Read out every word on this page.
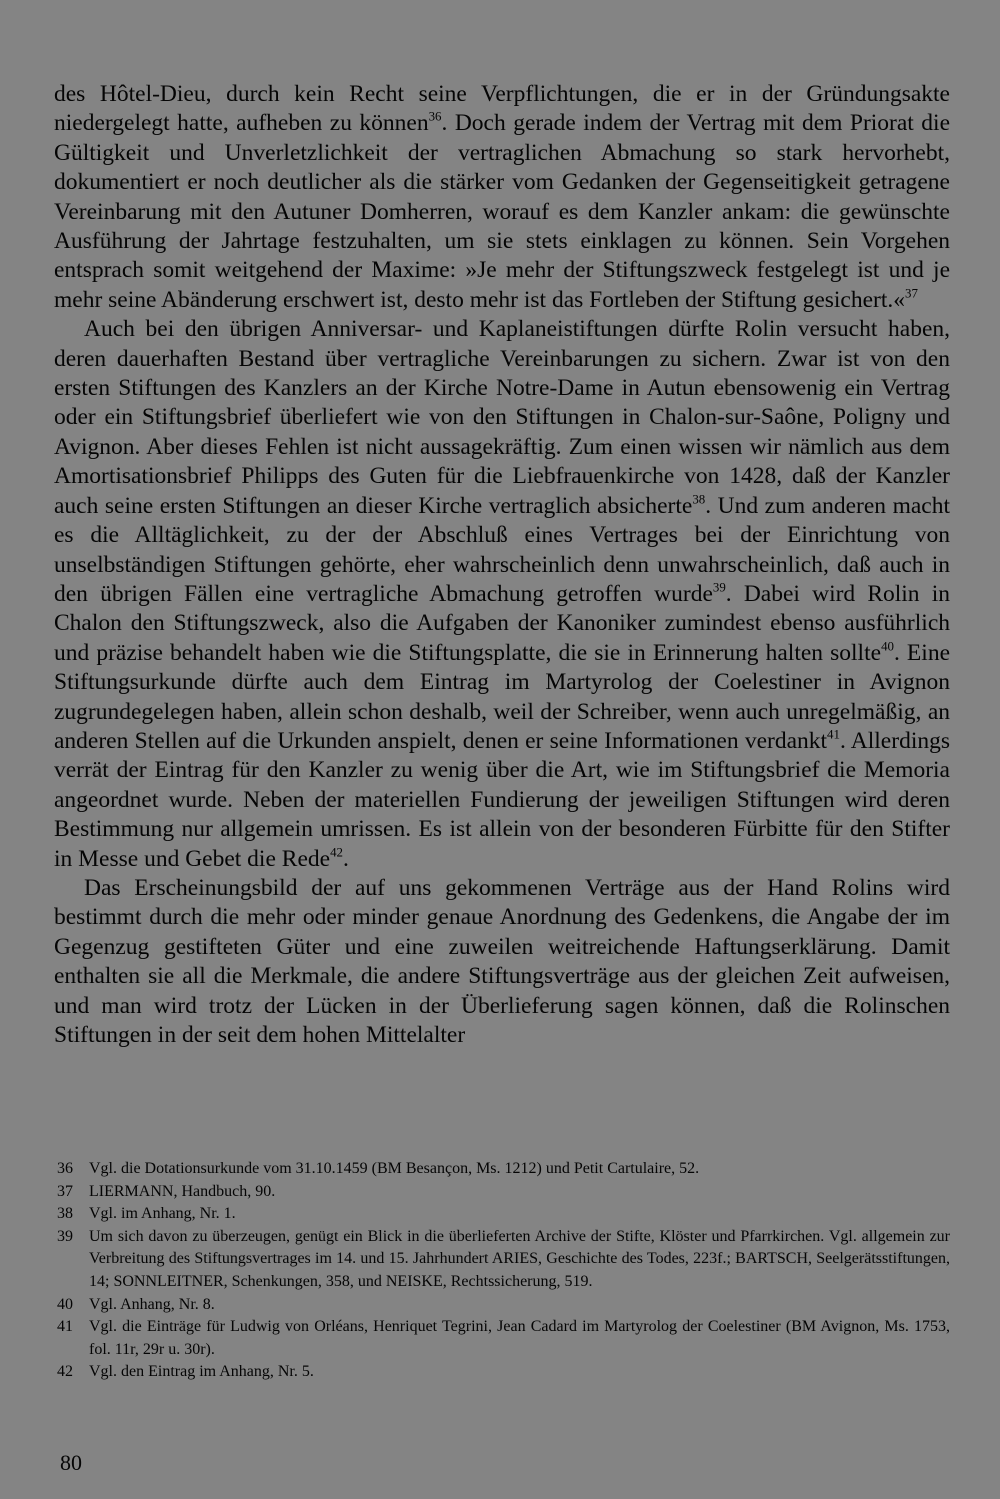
des Hôtel-Dieu, durch kein Recht seine Verpflichtungen, die er in der Gründungsakte niedergelegt hatte, aufheben zu können$^{36}$. Doch gerade indem der Vertrag mit dem Priorat die Gültigkeit und Unverletzlichkeit der vertraglichen Abmachung so stark hervorhebt, dokumentiert er noch deutlicher als die stärker vom Gedanken der Gegenseitigkeit getragene Vereinbarung mit den Autuner Domherren, worauf es dem Kanzler ankam: die gewünschte Ausführung der Jahrtage festzuhalten, um sie stets einklagen zu können. Sein Vorgehen entsprach somit weitgehend der Maxime: »Je mehr der Stiftungszweck festgelegt ist und je mehr seine Abänderung erschwert ist, desto mehr ist das Fortleben der Stiftung gesichert.«$^{37}$

Auch bei den übrigen Anniversar- und Kaplaneistiftungen dürfte Rolin versucht haben, deren dauerhaften Bestand über vertragliche Vereinbarungen zu sichern. Zwar ist von den ersten Stiftungen des Kanzlers an der Kirche Notre-Dame in Autun ebensowenig ein Vertrag oder ein Stiftungsbrief überliefert wie von den Stiftungen in Chalon-sur-Saône, Poligny und Avignon. Aber dieses Fehlen ist nicht aussagekräftig. Zum einen wissen wir nämlich aus dem Amortisationsbrief Philipps des Guten für die Liebfrauenkirche von 1428, daß der Kanzler auch seine ersten Stiftungen an dieser Kirche vertraglich absicherte$^{38}$. Und zum anderen macht es die Alltäglichkeit, zu der der Abschluß eines Vertrages bei der Einrichtung von unselbständigen Stiftungen gehörte, eher wahrscheinlich denn unwahrscheinlich, daß auch in den übrigen Fällen eine vertragliche Abmachung getroffen wurde$^{39}$. Dabei wird Rolin in Chalon den Stiftungszweck, also die Aufgaben der Kanoniker zumindest ebenso ausführlich und präzise behandelt haben wie die Stiftungsplatte, die sie in Erinnerung halten sollte$^{40}$. Eine Stiftungsurkunde dürfte auch dem Eintrag im Martyrolog der Coelestiner in Avignon zugrundegelegen haben, allein schon deshalb, weil der Schreiber, wenn auch unregelmäßig, an anderen Stellen auf die Urkunden anspielt, denen er seine Informationen verdankt$^{41}$. Allerdings verrät der Eintrag für den Kanzler zu wenig über die Art, wie im Stiftungsbrief die Memoria angeordnet wurde. Neben der materiellen Fundierung der jeweiligen Stiftungen wird deren Bestimmung nur allgemein umrissen. Es ist allein von der besonderen Fürbitte für den Stifter in Messe und Gebet die Rede$^{42}$.

Das Erscheinungsbild der auf uns gekommenen Verträge aus der Hand Rolins wird bestimmt durch die mehr oder minder genaue Anordnung des Gedenkens, die Angabe der im Gegenzug gestifteten Güter und eine zuweilen weitreichende Haftungserklärung. Damit enthalten sie all die Merkmale, die andere Stiftungsverträge aus der gleichen Zeit aufweisen, und man wird trotz der Lücken in der Überlieferung sagen können, daß die Rolinschen Stiftungen in der seit dem hohen Mittelalter

36	Vgl. die Dotationsurkunde vom 31.10.1459 (BM Besançon, Ms. 1212) und Petit Cartulaire, 52.
37	LIERMANN, Handbuch, 90.
38	Vgl. im Anhang, Nr. 1.
39	Um sich davon zu überzeugen, genügt ein Blick in die überlieferten Archive der Stifte, Klöster und Pfarrkirchen. Vgl. allgemein zur Verbreitung des Stiftungsvertrages im 14. und 15. Jahrhundert ARIES, Geschichte des Todes, 223f.; BARTSCH, Seelgerätsstiftungen, 14; SONNLEITNER, Schenkungen, 358, und NEISKE, Rechtssicherung, 519.
40	Vgl. Anhang, Nr. 8.
41	Vgl. die Einträge für Ludwig von Orléans, Henriquet Tegrini, Jean Cadard im Martyrolog der Coelestiner (BM Avignon, Ms. 1753, fol. 11r, 29r u. 30r).
42	Vgl. den Eintrag im Anhang, Nr. 5.
80
